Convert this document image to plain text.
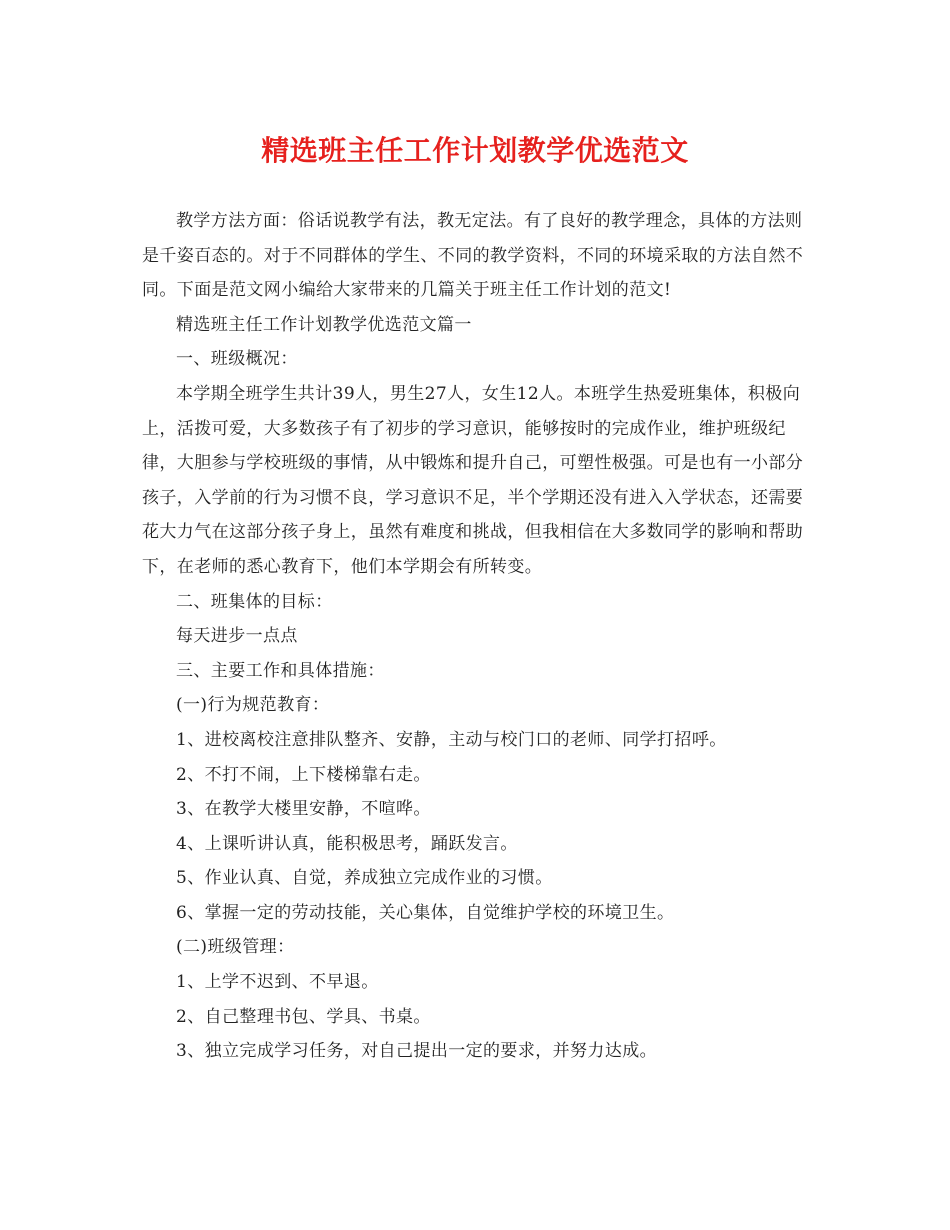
精选班主任工作计划教学优选范文

教学方法方面：俗话说教学有法，教无定法。有了良好的教学理念，具体的方法则是千姿百态的。对于不同群体的学生、不同的教学资料，不同的环境采取的方法自然不同。下面是范文网小编给大家带来的几篇关于班主任工作计划的范文!

精选班主任工作计划教学优选范文篇一

一、班级概况：

本学期全班学生共计39人，男生27人，女生12人。本班学生热爱班集体，积极向上，活拨可爱，大多数孩子有了初步的学习意识，能够按时的完成作业，维护班级纪律，大胆参与学校班级的事情，从中锻炼和提升自己，可塑性极强。可是也有一小部分孩子，入学前的行为习惯不良，学习意识不足，半个学期还没有进入入学状态，还需要花大力气在这部分孩子身上，虽然有难度和挑战，但我相信在大多数同学的影响和帮助下，在老师的悉心教育下，他们本学期会有所转变。

二、班集体的目标：

每天进步一点点

三、主要工作和具体措施：

(一)行为规范教育：

1、进校离校注意排队整齐、安静，主动与校门口的老师、同学打招呼。

2、不打不闹，上下楼梯靠右走。

3、在教学大楼里安静，不喧哗。

4、上课听讲认真，能积极思考，踊跃发言。

5、作业认真、自觉，养成独立完成作业的习惯。

6、掌握一定的劳动技能，关心集体，自觉维护学校的环境卫生。

(二)班级管理：

1、上学不迟到、不早退。

2、自己整理书包、学具、书桌。

3、独立完成学习任务，对自己提出一定的要求，并努力达成。
